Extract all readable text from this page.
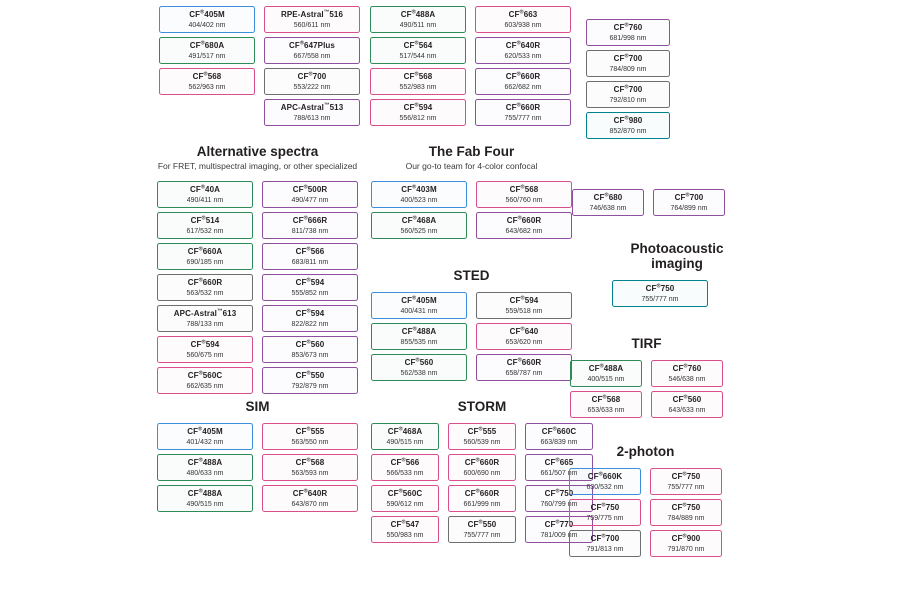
CF®405M
404/402 nm
CF®680A
491/517 nm
CF®568
562/963 nm
RPE-Astral™516
560/611 nm
CF®647Plus
667/558 nm
CF®700
553/222 nm
APC-Astral™513
788/613 nm
CF®488A
490/511 nm
CF®564
517/544 nm
CF®568
552/983 nm
CF®594
556/812 nm
CF®663
603/938 nm
CF®640R
620/533 nm
CF®660R
662/682 nm
CF®660R
755/777 nm
CF®760
681/998 nm
CF®700
784/809 nm
CF®700
792/810 nm
CF®980
852/870 nm
Alternative spectra
For FRET, multispectral imaging, or other specialized
CF®40A
490/411 nm
CF®514
617/532 nm
CF®660A
690/185 nm
CF®660R
563/532 nm
APC-Astral™613
788/133 nm
CF®594
560/675 nm
CF®560C
662/635 nm
CF®500R
490/477 nm
CF®666R
811/738 nm
CF®566
683/811 nm
CF®594
555/852 nm
CF®594
822/822 nm
CF®560
853/673 nm
CF®550
792/879 nm
The Fab Four
Our go-to team for 4-color confocal
CF®403M
400/523 nm
CF®468A
560/525 nm
CF®568
560/760 nm
CF®660R
643/682 nm
STED
CF®405M
400/431 nm
CF®488A
855/535 nm
CF®560
562/538 nm
CF®594
559/518 nm
CF®640
653/620 nm
CF®660R
658/787 nm
Photoacoustic imaging
CF®750
755/777 nm
CF®680
746/638 nm
CF®700
764/899 nm
TIRF
CF®488A
400/515 nm
CF®568
653/633 nm
CF®760
546/638 nm
CF®560
643/633 nm
SIM
CF®405M
401/432 nm
CF®488A
480/633 nm
CF®488A
490/515 nm
CF®555
563/550 nm
CF®568
563/593 nm
CF®640R
643/870 nm
STORM
CF®468A
490/515 nm
CF®566
566/533 nm
CF®560C
590/612 nm
CF®547
550/983 nm
CF®555
560/539 nm
CF®660R
600/690 nm
CF®660R
661/999 nm
CF®550
755/777 nm
CF®660C
663/839 nm
CF®665
661/507 nm
CF®750
760/799 nm
CF®770
781/009 nm
2-photon
CF®660K
630/532 nm
CF®750
759/775 nm
CF®700
791/813 nm
CF®750
755/777 nm
CF®750
784/889 nm
CF®900
791/870 nm
